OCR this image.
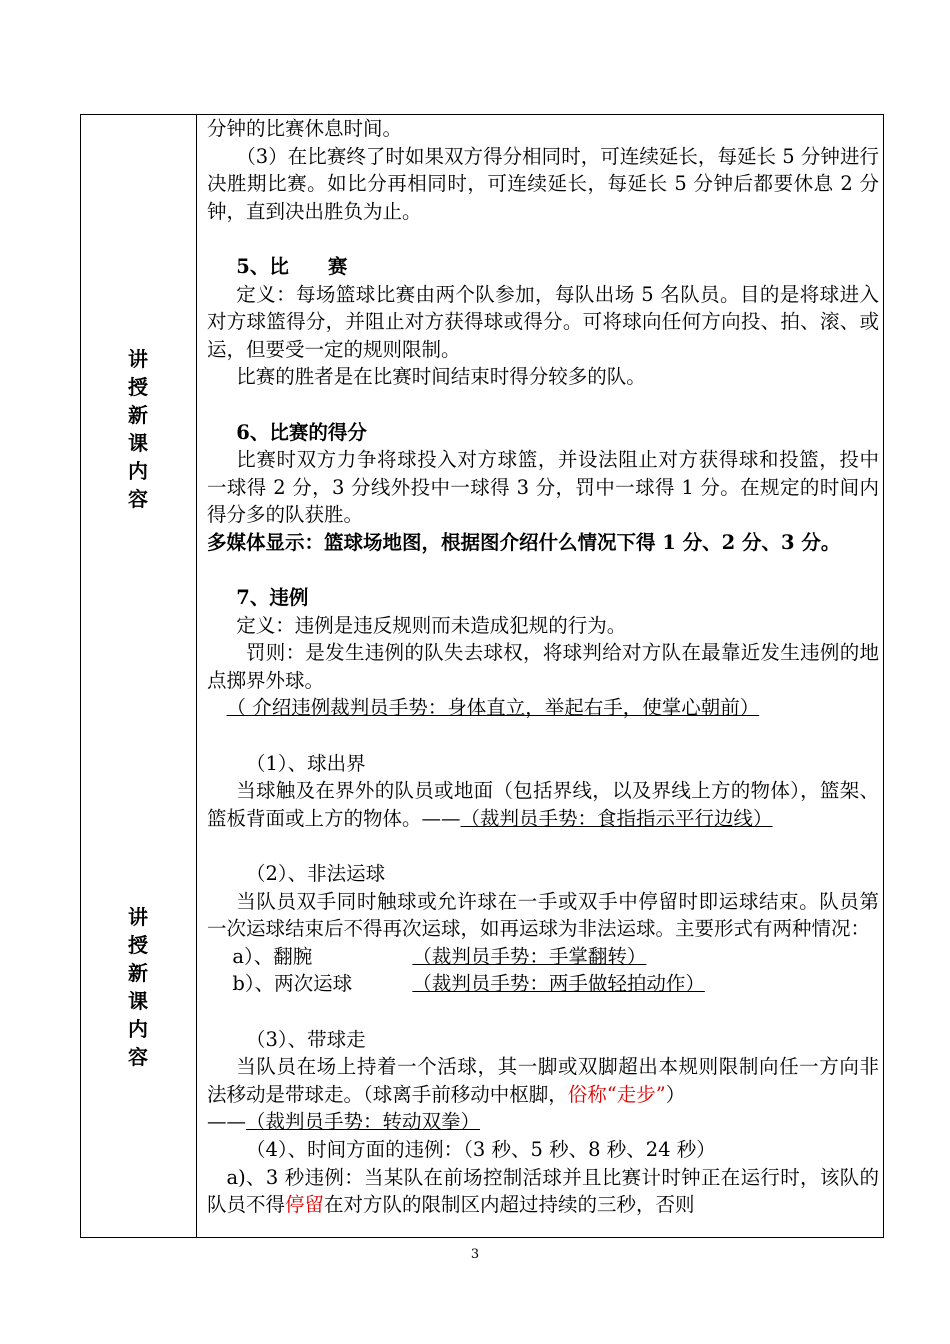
讲
授
新
课
内
容
讲
授
新
课
内
容

分钟的比赛休息时间。

（3）在比赛终了时如果双方得分相同时，可连续延长，每延长 5 分钟进行决胜期比赛。如比分再相同时，可连续延长，每延长 5 分钟后都要休息 2 分钟，直到决出胜负为止。

5、比　　赛

定义：每场篮球比赛由两个队参加，每队出场 5 名队员。目的是将球进入对方球篮得分，并阻止对方获得球或得分。可将球向任何方向投、拍、滚、或运，但要受一定的规则限制。

比赛的胜者是在比赛时间结束时得分较多的队。

6、比赛的得分

比赛时双方力争将球投入对方球篮，并设法阻止对方获得球和投篮，投中一球得 2 分，3 分线外投中一球得 3 分，罚中一球得 1 分。在规定的时间内得分多的队获胜。

多媒体显示：篮球场地图，根据图介绍什么情况下得 1 分、2 分、3 分。

7、违例

定义：违例是违反规则而未造成犯规的行为。

罚则：是发生违例的队失去球权，将球判给对方队在最靠近发生违例的地点掷界外球。

（ 介绍违例裁判员手势：身体直立，举起右手，使掌心朝前）

（1）、球出界

当球触及在界外的队员或地面（包括界线，以及界线上方的物体），篮架、篮板背面或上方的物体。——（裁判员手势：食指指示平行边线）

（2）、非法运球

当队员双手同时触球或允许球在一手或双手中停留时即运球结束。队员第一次运球结束后不得再次运球，如再运球为非法运球。主要形式有两种情况：

a）、翻腕	（裁判员手势：手掌翻转）

b）、两次运球	（裁判员手势：两手做轻拍动作）

（3）、带球走

当队员在场上持着一个活球，其一脚或双脚超出本规则限制向任一方向非法移动是带球走。（球离手前移动中枢脚，俗称“走步”）

——（裁判员手势：转动双拳）

（4）、时间方面的违例：（3 秒、5 秒、8 秒、24 秒）

a)、3 秒违例：当某队在前场控制活球并且比赛计时钟正在运行时，该队的队员不得停留在对方队的限制区内超过持续的三秒，否则

3
